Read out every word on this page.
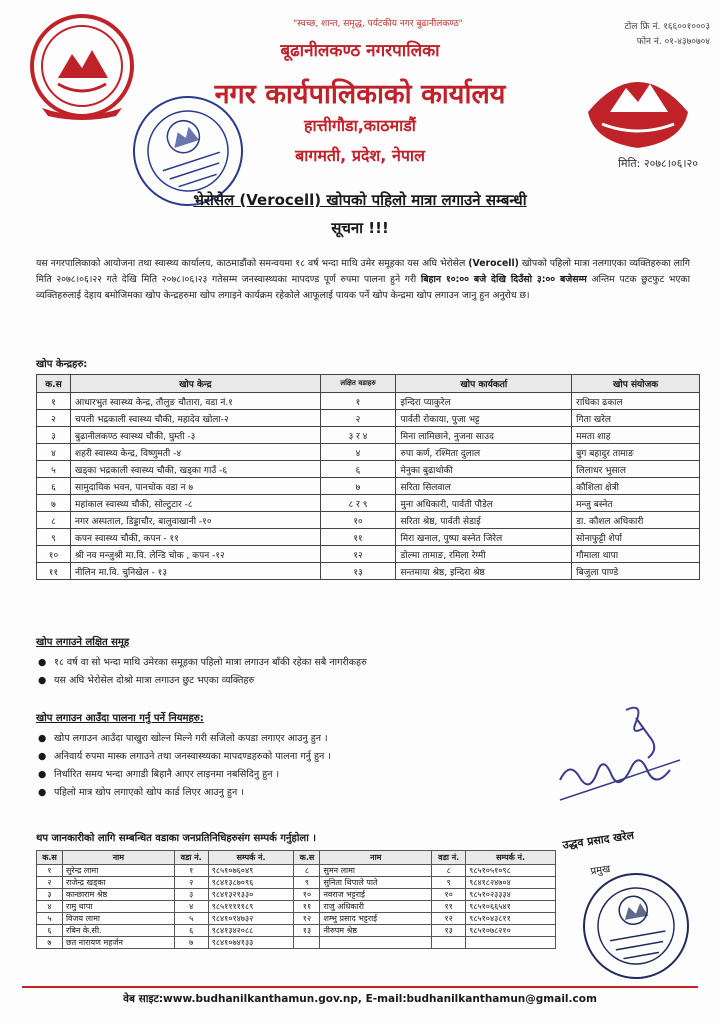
"स्वच्छ, शान्त, समृद्ध, पर्यटकीय नगर बुढानीलकण्ठ"	टोल फ्रि नं. १६६००१०००३
फोन नं. ०१-४३७०७०४
बूढानीलकण्ठ नगरपालिका
नगर कार्यपालिकाको कार्यालय
हात्तीगौडा,काठमाडौं
बागमती, प्रदेश, नेपाल	मिति: २०७८।०६।२०
भेरोसेल (Verocell) खोपको पहिलो मात्रा लगाउने सम्बन्धी
सूचना !!!
यस नगरपालिकाको आयोजना तथा स्वास्थ्य कार्यालय, काठमाडौंको समन्वयमा १८ वर्ष भन्दा माथि उमेर समूहका यस अघि भेरोसेल (Verocell) खोपको पहिलो मात्रा नलगाएका व्यक्तिहरुका लागि मिति २०७८।०६।२२ गते देखि मिति २०७८।०६।२३ गतेसम्म जनस्वास्थ्यका मापदण्ड पूर्ण रुपमा पालना हुने गरी बिहान १०:०० बजे देखि दिउँसो ३:०० बजेसम्म अन्तिम पटक छुटफुट भएका व्यक्तिहरुलाई देहाय बमोजिमका खोप केन्द्रहरुमा खोप लगाइने कार्यक्रम रहेकोले आफूलाई पायक पर्ने खोप केन्द्रमा खोप लगाउन जानु हुन अनुरोध छ।
खोप केन्द्रहरु:
क.स	खोप केन्द्र	लक्षित वडाहरु	खोप कार्यकर्ता	खोप संयोजक
१	आधारभुत स्वास्थ्य केन्द्र, तौलुङ चौतारा, वडा नं.१	१	इन्दिरा प्याकुरेल	राधिका ढकाल
२	चपली भद्रकाली स्वास्थ्य चौकी, महादेव खोला-२	२	पार्वती रोकाया, पुजा भट्ट	गिता खरेल
३	बुढानीलकण्ठ स्वास्थ्य चौकी, घुम्ती -३	३ र ४	मिना लामिछाने, नुजना साउद	ममता शाह
४	शहरी स्वास्थ्य केन्द्र, विष्णुमती -४	४	रुपा कर्ण, रश्मिता दुलाल	बुग बहादुर तामाङ
५	खड्का भद्रकाली स्वास्थ्य चौकी, खड्का गाउँ -६	६	मेनुका बुढाथोकी	लिलाधर भुसाल
६	सामुदायिक भवन, पानचोक वडा न ७	७	सरिता सिलवाल	कौशिला क्षेत्री
७	महांकाल स्वास्थ्य चौकी, सोल्टुटार -८	८ र ९	मुना अधिकारी, पार्वती पौडेल	मन्जु बस्नेत
८	नगर अस्पताल, डिड्डाचौर, बालुवाखानी -१०	१०	सरिता श्रेष्ठ, पार्वती सेडाई	डा. कौशल अधिकारी
९	कपन स्वास्थ्य चौकी, कपन - ११	११	मिरा खनाल, पुष्पा बस्नेत जिरेल	सोनाफुट्टी शेर्पा
१०	श्री नव मन्जुश्री मा.वि. लेन्डि चोक , कपन -१२	१२	डोल्मा तामाङ, रमिला रेग्मी	गौमाला थापा
११	नीलिन मा.वि. चुनिखेल - १३	१३	सन्तमाया श्रेष्ठ, इन्दिरा श्रेष्ठ	बिजुला पाण्डे
खोप लगाउने लक्षित समूह
● १८ वर्ष वा सो भन्दा माथि उमेरका समूहका पहिलो मात्रा लगाउन बाँकी रहेका सबै नागरीकहरु
● यस अघि भेरोसेल दोश्रो मात्रा लगाउन छुट भएका व्यक्तिहरु
खोप लगाउन आउँदा पालना गर्नु पर्ने नियमहरु:
● खोप लगाउन आउँदा पाखुरा खोल्न मिल्ने गरी सजिलो कपडा लगाएर आउनु हुन ।
● अनिवार्य रुपमा मास्क लगाउने तथा जनस्वास्थ्यका मापदण्डहरुको पालना गर्नु हुन ।
● निर्धारित समय भन्दा अगाडी बिहानै आएर लाइनमा नबसिदिनु हुन ।
● पहिलो मात्र खोप लगाएको खोप कार्ड लिएर आउनु हुन ।
थप जानकारीको लागि सम्बन्धित वडाका जनप्रतिनिधिहरुसंग सम्पर्क गर्नुहोला ।
क.स	नाम	वडा नं.	सम्पर्क नं.	क.स	नाम	वडा नं.	सम्पर्क नं.
१	सुरेन्द्र लामा	१	९८५१०७६०४९	८	सुमन लामा	८	९८५१०५१०९८
२	राजेन्द्र खड्का	२	९८४१३८७०९६	९	सुनिता थिपाले पाते	९	९८४१८२४७०४
३	कान्छाराम श्रेष्ठ	३	९८४१३२१३३०	१०	नवराज भट्टराई	१०	९८५१०२३३३४
४	रामु थापा	४	९८५१११११८९	११	राजु अधिकारी	११	९८५१०६६५४१
५	विजय लामा	५	९८४१०१४७३२	१२	शम्भु प्रसाद भट्टराई	१२	९८५१०४३८११
६	रबिन के.सी.	६	९८४१३४२०८८	१३	नीरुपम श्रेष्ठ	१३	९८५१०७८२१०
७	छत नारायण महर्जन	७	९८४१०७४१३३				
उद्धव प्रसाद खरेल
प्रमुख
वेब साइट:www.budhanilkanthamun.gov.np, E-mail:budhanilkanthamun@gmail.com
